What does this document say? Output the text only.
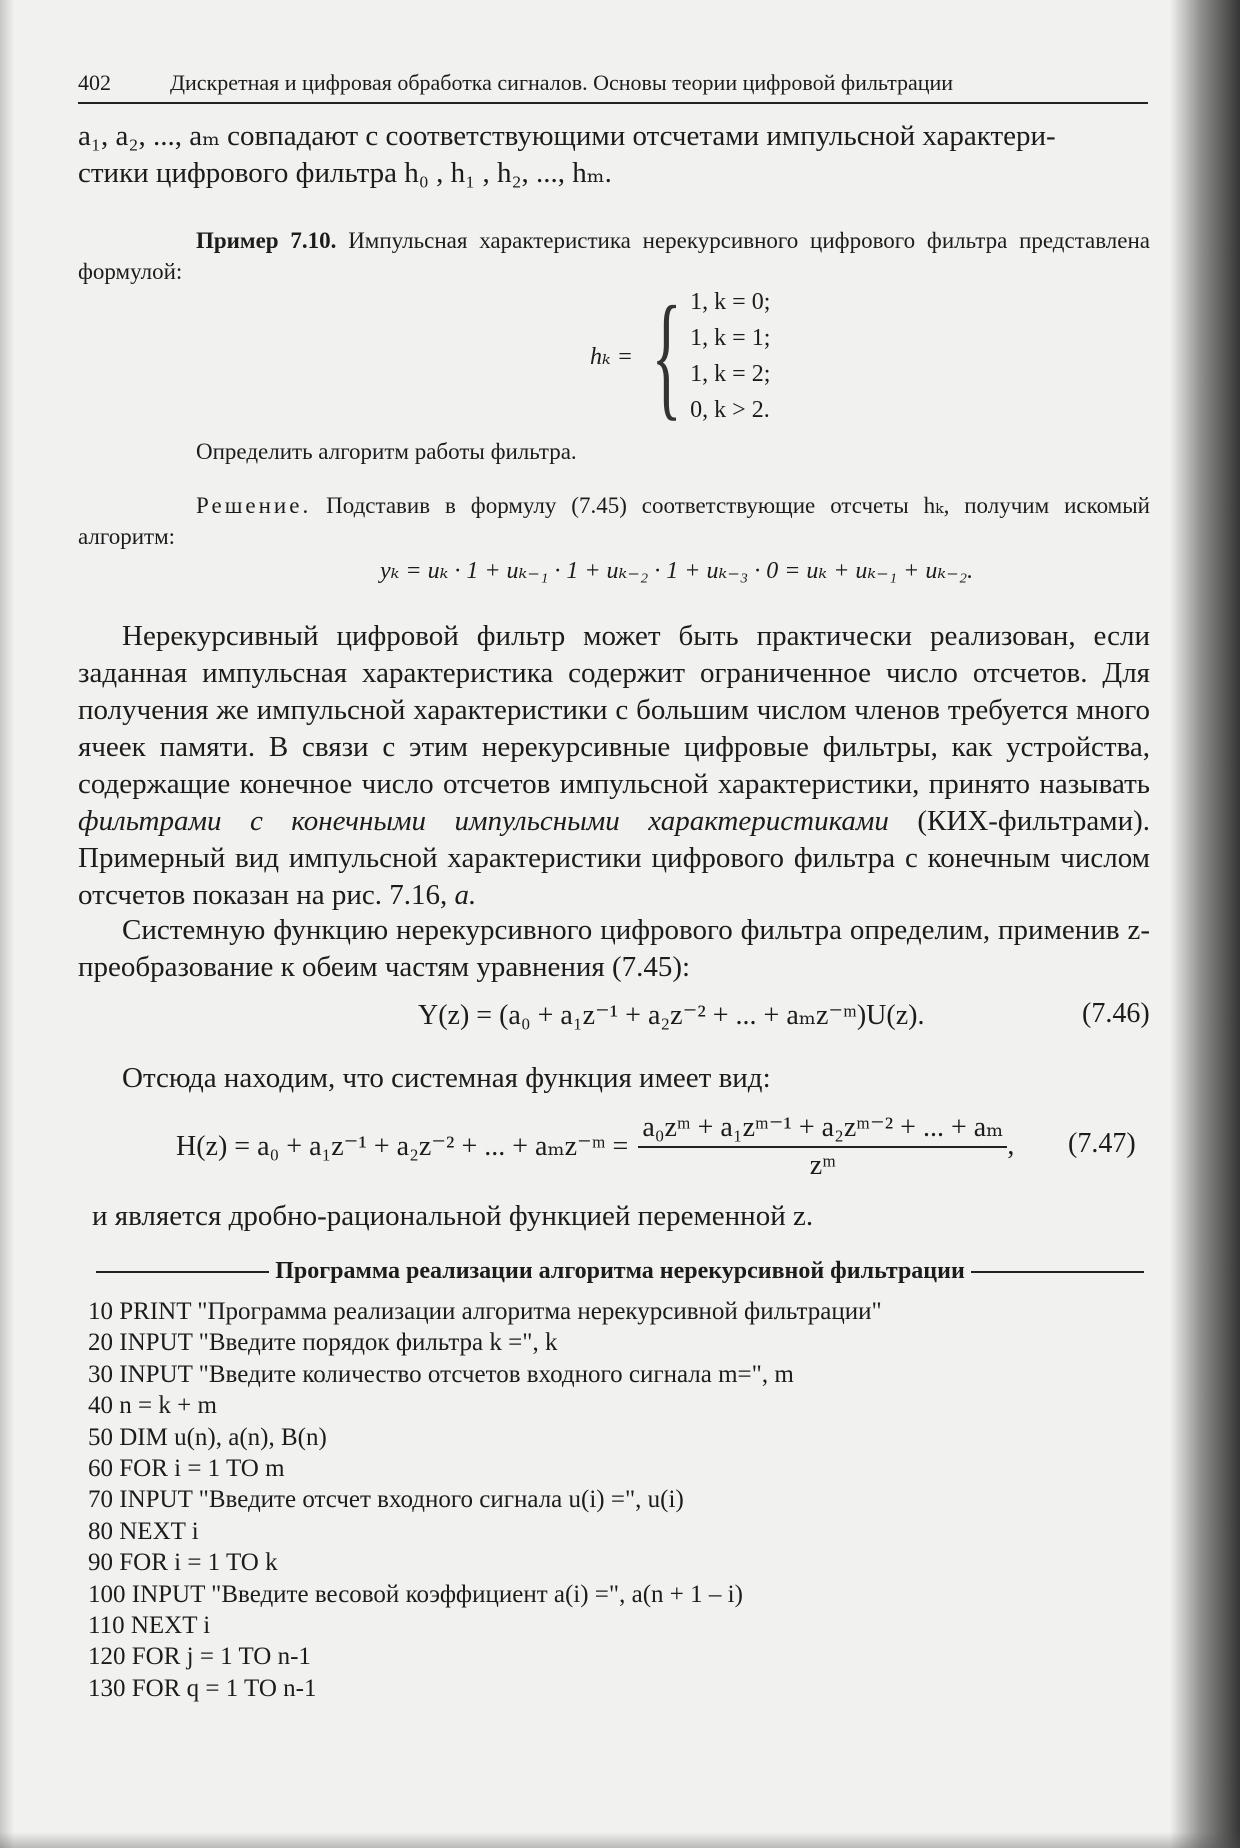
402	Дискретная и цифровая обработка сигналов. Основы теории цифровой фильтрации
a₁, a₂, ..., aₘ совпадают с соответствующими отсчетами импульсной характери-
стики цифрового фильтра h₀ , h₁ , h₂, ..., hₘ.
Пример 7.10. Импульсная характеристика нерекурсивного цифрового фильтра представлена формулой:
hₖ = { 1, k = 0;
1, k = 1;
1, k = 2;
0, k > 2.
Определить алгоритм работы фильтра.
Решение. Подставив в формулу (7.45) соответствующие отсчеты hₖ, получим искомый алгоритм:
yₖ = uₖ · 1 + uₖ₋₁ · 1 + uₖ₋₂ · 1 + uₖ₋₃ · 0 = uₖ + uₖ₋₁ + uₖ₋₂.
Нерекурсивный цифровой фильтр может быть практически реализован, если заданная импульсная характеристика содержит ограниченное число отсчетов. Для получения же импульсной характеристики с большим числом членов требуется много ячеек памяти. В связи с этим нерекурсивные цифровые фильтры, как устройства, содержащие конечное число отсчетов импульсной характеристики, принято называть фильтрами с конечными импульсными характеристиками (КИХ-фильтрами). Примерный вид импульсной характеристики цифрового фильтра с конечным числом отсчетов показан на рис. 7.16, а.
Системную функцию нерекурсивного цифрового фильтра определим, применив z-преобразование к обеим частям уравнения (7.45):
Y(z) = (a₀ + a₁z⁻¹ + a₂z⁻² + ... + aₘz⁻ᵐ)U(z).	(7.46)
Отсюда находим, что системная функция имеет вид:
H(z) = a₀ + a₁z⁻¹ + a₂z⁻² + ... + aₘz⁻ᵐ = $\frac{\text{a₀zᵐ + a₁zᵐ⁻¹ + a₂zᵐ⁻² + ... + aₘ}}{\text{zᵐ}}$ , (7.47)
и является дробно-рациональной функцией переменной z.
Программа реализации алгоритма нерекурсивной фильтрации
10 PRINT "Программа реализации алгоритма нерекурсивной фильтрации"
20 INPUT "Введите порядок фильтра k =", k
30 INPUT "Введите количество отсчетов входного сигнала m=", m
40 n = k + m
50 DIM u(n), a(n), B(n)
60 FOR i = 1 TO m
70 INPUT "Введите отсчет входного сигнала u(i) =", u(i)
80 NEXT i
90 FOR i = 1 TO k
100 INPUT "Введите весовой коэффициент a(i) =", a(n + 1 – i)
110 NEXT i
120 FOR j = 1 TO n-1
130 FOR q = 1 TO n-1
